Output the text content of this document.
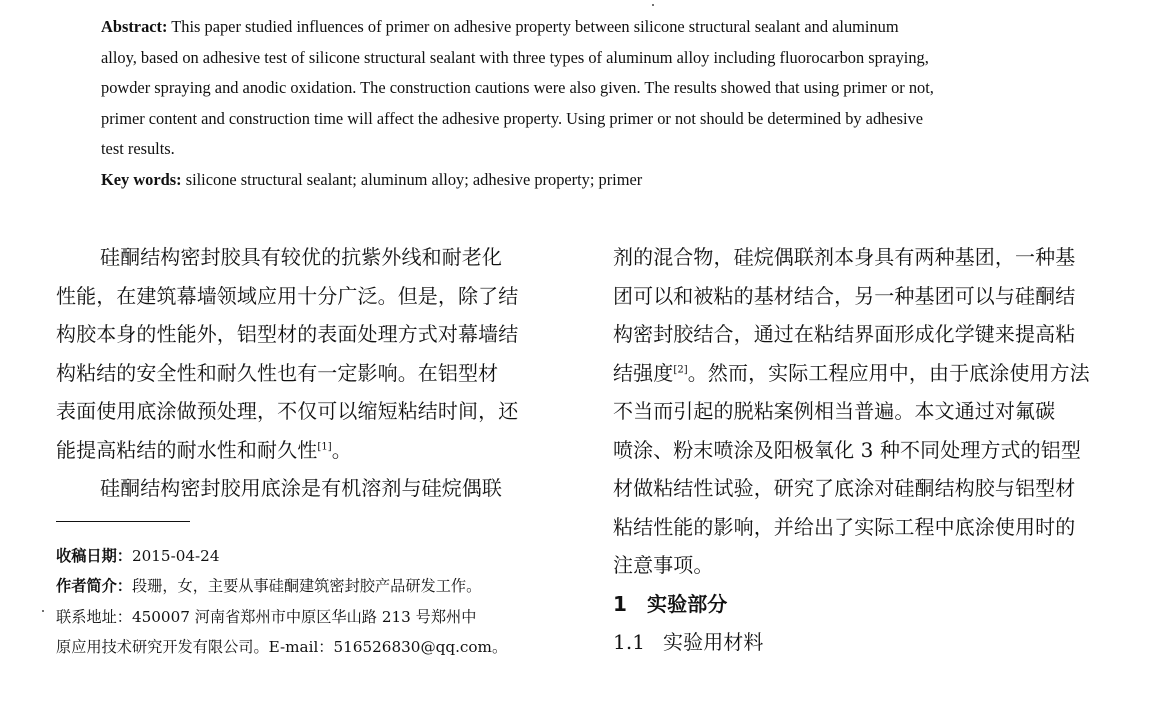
Abstract: This paper studied influences of primer on adhesive property between silicone structural sealant and aluminum

alloy, based on adhesive test of silicone structural sealant with three types of aluminum alloy including fluorocarbon spraying,

powder spraying and anodic oxidation. The construction cautions were also given. The results showed that using primer or not,

primer content and construction time will affect the adhesive property. Using primer or not should be determined by adhesive

test results.

Key words: silicone structural sealant; aluminum alloy; adhesive property; primer

硅酮结构密封胶具有较优的抗紫外线和耐老化
性能，在建筑幕墙领域应用十分广泛。但是，除了结
构胶本身的性能外，铝型材的表面处理方式对幕墙结
构粘结的安全性和耐久性也有一定影响。在铝型材
表面使用底涂做预处理，不仅可以缩短粘结时间，还
能提高粘结的耐水性和耐久性[1]。
硅酮结构密封胶用底涂是有机溶剂与硅烷偶联
收稿日期：2015-04-24
作者简介：段珊，女，主要从事硅酮建筑密封胶产品研发工作。
联系地址：450007 河南省郑州市中原区华山路 213 号郑州中
原应用技术研究开发有限公司。E-mail：516526830@qq.com。
剂的混合物，硅烷偶联剂本身具有两种基团，一种基
团可以和被粘的基材结合，另一种基团可以与硅酮结
构密封胶结合，通过在粘结界面形成化学键来提高粘
结强度[2]。然而，实际工程应用中，由于底涂使用方法
不当而引起的脱粘案例相当普遍。本文通过对氟碳
喷涂、粉末喷涂及阳极氧化 3 种不同处理方式的铝型
材做粘结性试验，研究了底涂对硅酮结构胶与铝型材
粘结性能的影响，并给出了实际工程中底涂使用时的
注意事项。
1 实验部分
1.1 实验用材料
